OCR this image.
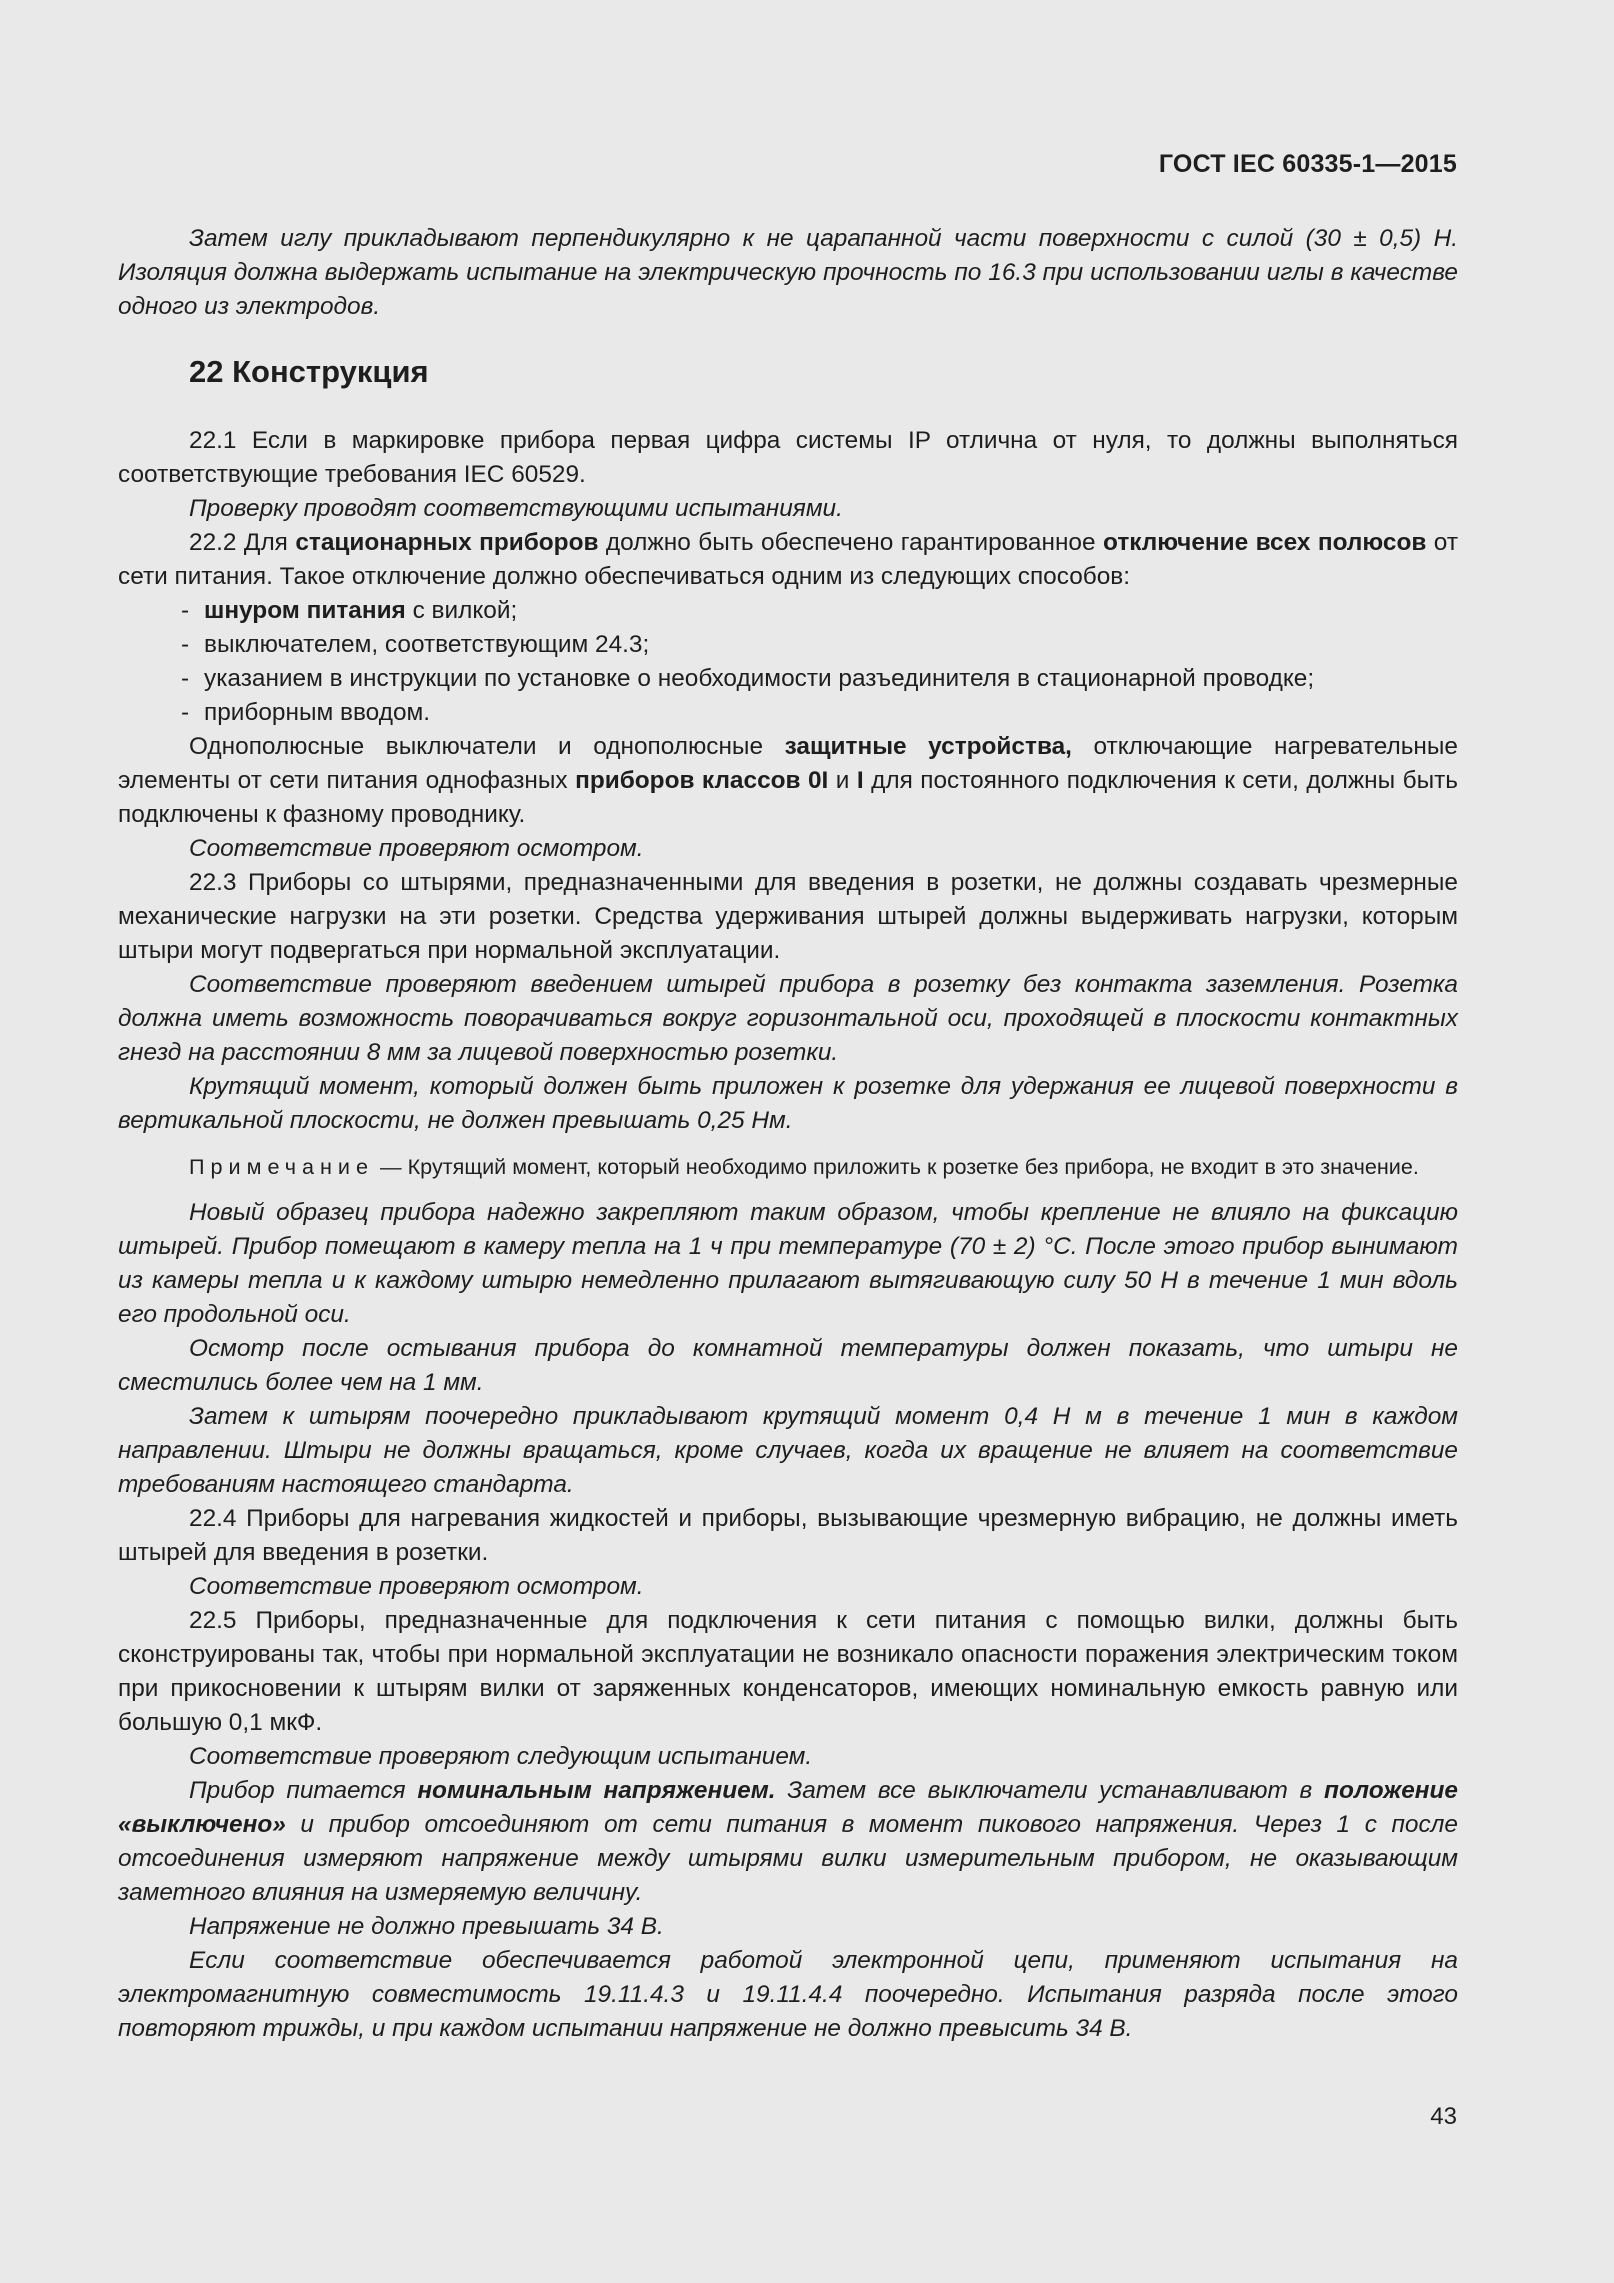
ГОСТ IEC 60335-1—2015

Затем иглу прикладывают перпендикулярно к не царапанной части поверхности с силой (30 ± 0,5) Н. Изоляция должна выдержать испытание на электрическую прочность по 16.3 при использовании иглы в качестве одного из электродов.

22 Конструкция

22.1 Если в маркировке прибора первая цифра системы IP отлична от нуля, то должны выполняться соответствующие требования IEC 60529.

Проверку проводят соответствующими испытаниями.

22.2 Для стационарных приборов должно быть обеспечено гарантированное отключение всех полюсов от сети питания. Такое отключение должно обеспечиваться одним из следующих способов:

- шнуром питания с вилкой;

- выключателем, соответствующим 24.3;

- указанием в инструкции по установке о необходимости разъединителя в стационарной проводке;

- приборным вводом.

Однополюсные выключатели и однополюсные защитные устройства, отключающие нагревательные элементы от сети питания однофазных приборов классов 0I и I для постоянного подключения к сети, должны быть подключены к фазному проводнику.

Соответствие проверяют осмотром.

22.3 Приборы со штырями, предназначенными для введения в розетки, не должны создавать чрезмерные механические нагрузки на эти розетки. Средства удерживания штырей должны выдерживать нагрузки, которым штыри могут подвергаться при нормальной эксплуатации.

Соответствие проверяют введением штырей прибора в розетку без контакта заземления. Розетка должна иметь возможность поворачиваться вокруг горизонтальной оси, проходящей в плоскости контактных гнезд на расстоянии 8 мм за лицевой поверхностью розетки.

Крутящий момент, который должен быть приложен к розетке для удержания ее лицевой поверхности в вертикальной плоскости, не должен превышать 0,25 Нм.

Примечание — Крутящий момент, который необходимо приложить к розетке без прибора, не входит в это значение.

Новый образец прибора надежно закрепляют таким образом, чтобы крепление не влияло на фиксацию штырей. Прибор помещают в камеру тепла на 1 ч при температуре (70 ± 2) °С. После этого прибор вынимают из камеры тепла и к каждому штырю немедленно прилагают вытягивающую силу 50 Н в течение 1 мин вдоль его продольной оси.

Осмотр после остывания прибора до комнатной температуры должен показать, что штыри не сместились более чем на 1 мм.

Затем к штырям поочередно прикладывают крутящий момент 0,4 Н м в течение 1 мин в каждом направлении. Штыри не должны вращаться, кроме случаев, когда их вращение не влияет на соответствие требованиям настоящего стандарта.

22.4 Приборы для нагревания жидкостей и приборы, вызывающие чрезмерную вибрацию, не должны иметь штырей для введения в розетки.

Соответствие проверяют осмотром.

22.5 Приборы, предназначенные для подключения к сети питания с помощью вилки, должны быть сконструированы так, чтобы при нормальной эксплуатации не возникало опасности поражения электрическим током при прикосновении к штырям вилки от заряженных конденсаторов, имеющих номинальную емкость равную или большую 0,1 мкФ.

Соответствие проверяют следующим испытанием.

Прибор питается номинальным напряжением. Затем все выключатели устанавливают в положение «выключено» и прибор отсоединяют от сети питания в момент пикового напряжения. Через 1 с после отсоединения измеряют напряжение между штырями вилки измерительным прибором, не оказывающим заметного влияния на измеряемую величину.

Напряжение не должно превышать 34 В.

Если соответствие обеспечивается работой электронной цепи, применяют испытания на электромагнитную совместимость 19.11.4.3 и 19.11.4.4 поочередно. Испытания разряда после этого повторяют трижды, и при каждом испытании напряжение не должно превысить 34 В.

43
